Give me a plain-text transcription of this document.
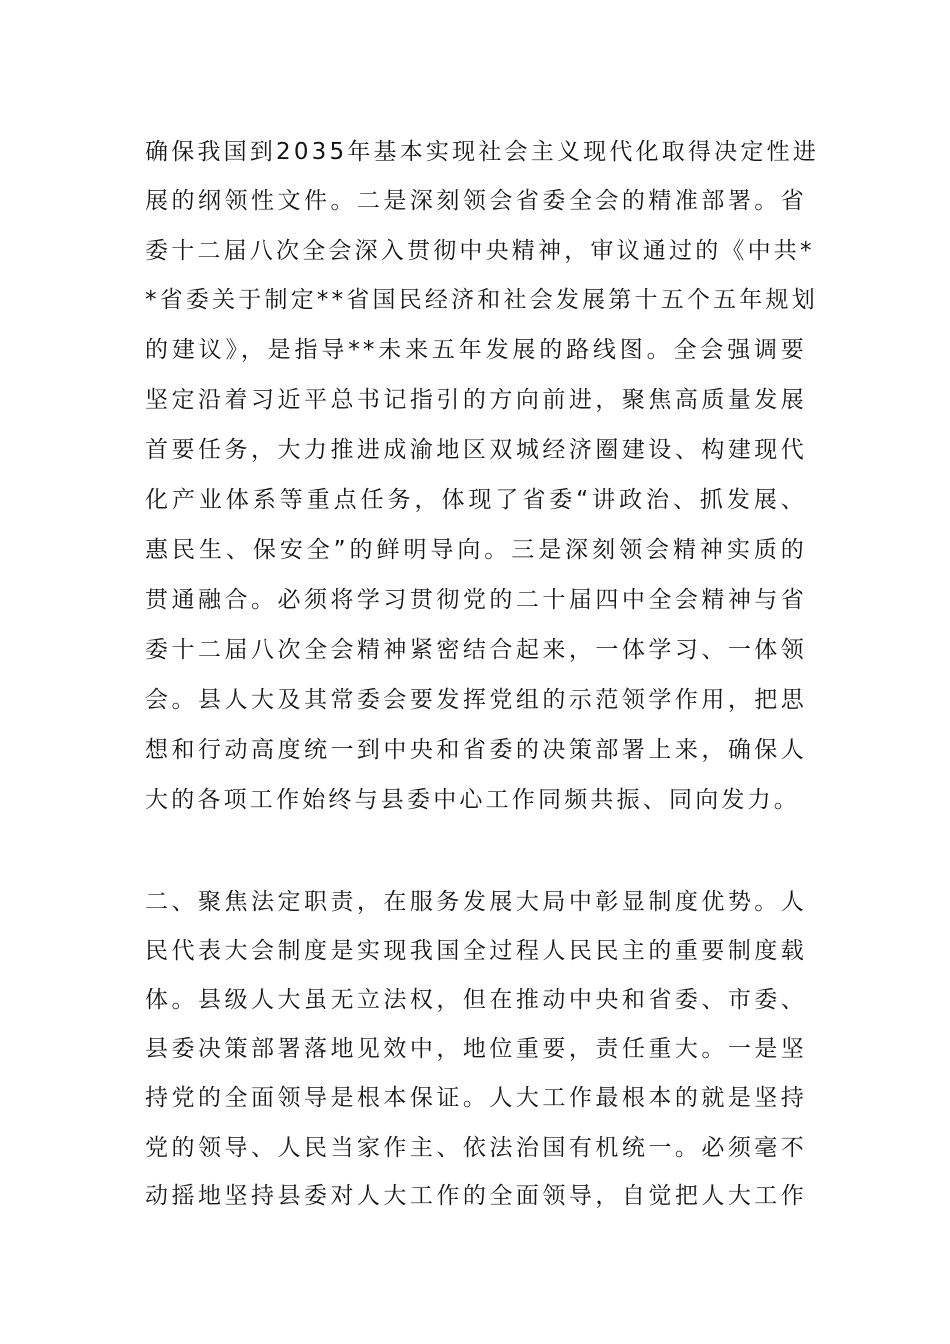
确保我国到2035年基本实现社会主义现代化取得决定性进
展的纲领性文件。二是深刻领会省委全会的精准部署。省
委十二届八次全会深入贯彻中央精神，审议通过的《中共*
*省委关于制定**省国民经济和社会发展第十五个五年规划
的建议》，是指导**未来五年发展的路线图。全会强调要
坚定沿着习近平总书记指引的方向前进，聚焦高质量发展
首要任务，大力推进成渝地区双城经济圈建设、构建现代
化产业体系等重点任务，体现了省委“讲政治、抓发展、
惠民生、保安全”的鲜明导向。三是深刻领会精神实质的
贯通融合。必须将学习贯彻党的二十届四中全会精神与省
委十二届八次全会精神紧密结合起来，一体学习、一体领
会。县人大及其常委会要发挥党组的示范领学作用，把思
想和行动高度统一到中央和省委的决策部署上来，确保人
大的各项工作始终与县委中心工作同频共振、同向发力。
二、聚焦法定职责，在服务发展大局中彰显制度优势。人
民代表大会制度是实现我国全过程人民民主的重要制度载
体。县级人大虽无立法权，但在推动中央和省委、市委、
县委决策部署落地见效中，地位重要，责任重大。一是坚
持党的全面领导是根本保证。人大工作最根本的就是坚持
党的领导、人民当家作主、依法治国有机统一。必须毫不
动摇地坚持县委对人大工作的全面领导，自觉把人大工作
